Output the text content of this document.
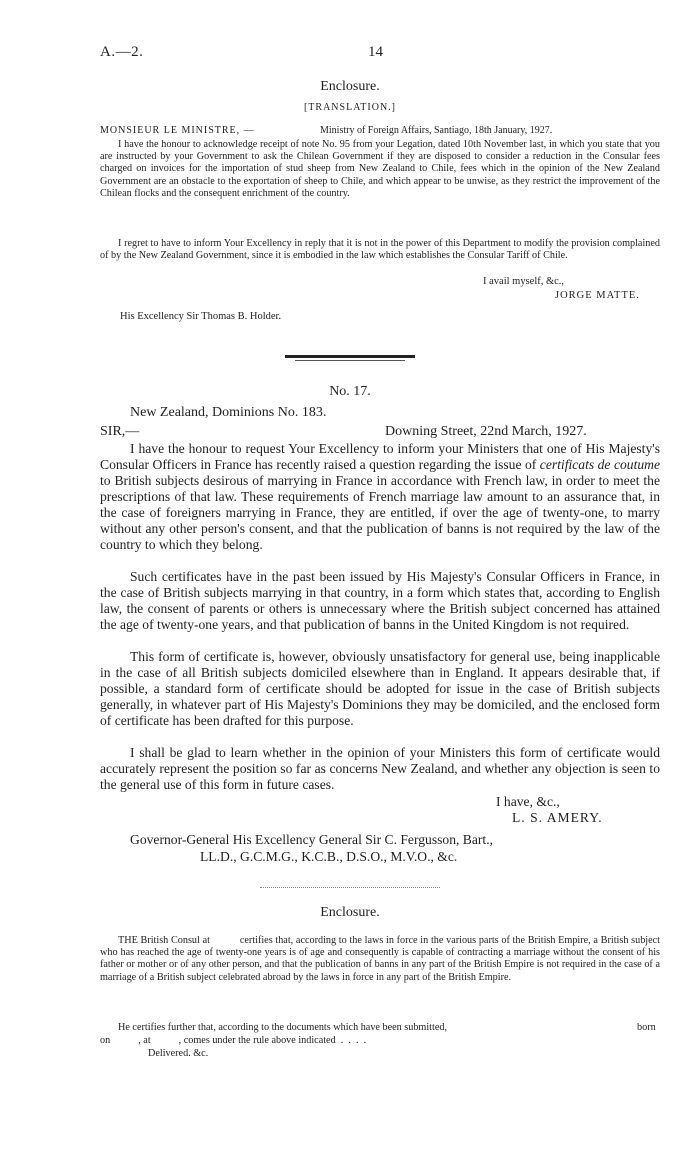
A.—2.	14
Enclosure.
[TRANSLATION.]
MONSIEUR LE MINISTRE, —	Ministry of Foreign Affairs, Santiago, 18th January, 1927.

I have the honour to acknowledge receipt of note No. 95 from your Legation, dated 10th November last, in which you state that you are instructed by your Government to ask the Chilean Government if they are disposed to consider a reduction in the Consular fees charged on invoices for the importation of stud sheep from New Zealand to Chile, fees which in the opinion of the New Zealand Government are an obstacle to the exportation of sheep to Chile, and which appear to be unwise, as they restrict the improvement of the Chilean flocks and the consequent enrichment of the country.

I regret to have to inform Your Excellency in reply that it is not in the power of this Department to modify the provision complained of by the New Zealand Government, since it is embodied in the law which establishes the Consular Tariff of Chile.

I avail myself, &c.,
JORGE MATTE.
His Excellency Sir Thomas B. Holder.
No. 17.
New Zealand, Dominions No. 183.
SIR,—	Downing Street, 22nd March, 1927.

I have the honour to request Your Excellency to inform your Ministers that one of His Majesty's Consular Officers in France has recently raised a question regarding the issue of certificats de coutume to British subjects desirous of marrying in France in accordance with French law, in order to meet the prescriptions of that law. These requirements of French marriage law amount to an assurance that, in the case of foreigners marrying in France, they are entitled, if over the age of twenty-one, to marry without any other person's consent, and that the publication of banns is not required by the law of the country to which they belong.

Such certificates have in the past been issued by His Majesty's Consular Officers in France, in the case of British subjects marrying in that country, in a form which states that, according to English law, the consent of parents or others is unnecessary where the British subject concerned has attained the age of twenty-one years, and that publication of banns in the United Kingdom is not required.

This form of certificate is, however, obviously unsatisfactory for general use, being inapplicable in the case of all British subjects domiciled elsewhere than in England. It appears desirable that, if possible, a standard form of certificate should be adopted for issue in the case of British subjects generally, in whatever part of His Majesty's Dominions they may be domiciled, and the enclosed form of certificate has been drafted for this purpose.

I shall be glad to learn whether in the opinion of your Ministers this form of certificate would accurately represent the position so far as concerns New Zealand, and whether any objection is seen to the general use of this form in future cases.

I have, &c.,
L. S. AMERY.
Governor-General His Excellency General Sir C. Fergusson, Bart.,
LL.D., G.C.M.G., K.C.B., D.S.O., M.V.O., &c.
Enclosure.

THE British Consul at           certifies that, according to the laws in force in the various parts of the British Empire, a British subject who has reached the age of twenty-one years is of age and consequently is capable of contracting a marriage without the consent of his father or mother or of any other person, and that the publication of banns in any part of the British Empire is not required in the case of a marriage of a British subject celebrated abroad by the laws in force in any part of the British Empire.

He certifies further that, according to the documents which have been submitted,	born
on           , at           , comes under the rule above indicated  .  .  .  .
Delivered. &c.
